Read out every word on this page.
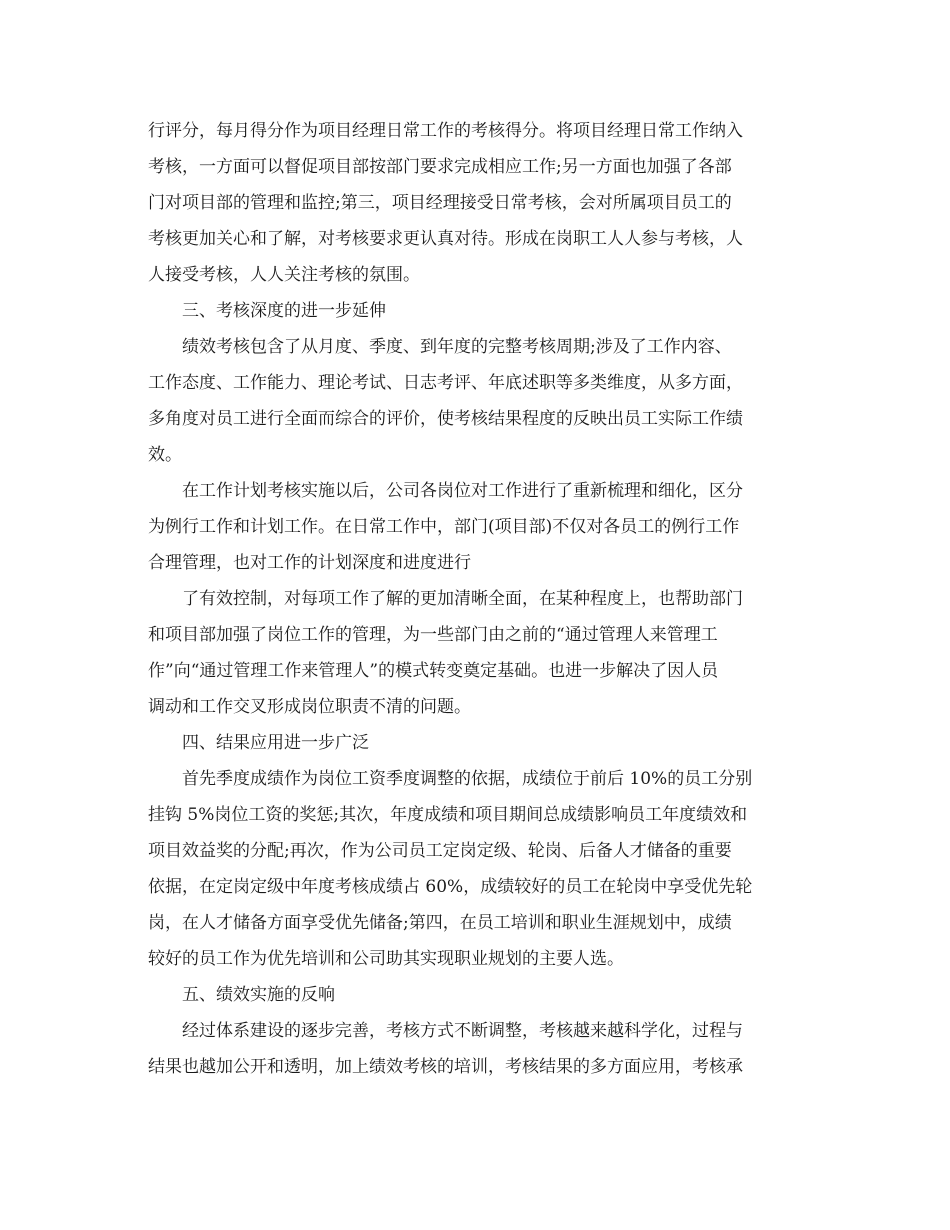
行评分，每月得分作为项目经理日常工作的考核得分。将项目经理日常工作纳入
考核，一方面可以督促项目部按部门要求完成相应工作;另一方面也加强了各部
门对项目部的管理和监控;第三，项目经理接受日常考核，会对所属项目员工的
考核更加关心和了解，对考核要求更认真对待。形成在岗职工人人参与考核，人
人接受考核，人人关注考核的氛围。
三、考核深度的进一步延伸
绩效考核包含了从月度、季度、到年度的完整考核周期;涉及了工作内容、
工作态度、工作能力、理论考试、日志考评、年底述职等多类维度，从多方面，
多角度对员工进行全面而综合的评价，使考核结果程度的反映出员工实际工作绩
效。
在工作计划考核实施以后，公司各岗位对工作进行了重新梳理和细化，区分
为例行工作和计划工作。在日常工作中，部门(项目部)不仅对各员工的例行工作
合理管理，也对工作的计划深度和进度进行
了有效控制，对每项工作了解的更加清晰全面，在某种程度上，也帮助部门
和项目部加强了岗位工作的管理，为一些部门由之前的“通过管理人来管理工
作”向“通过管理工作来管理人”的模式转变奠定基础。也进一步解决了因人员
调动和工作交叉形成岗位职责不清的问题。
四、结果应用进一步广泛
首先季度成绩作为岗位工资季度调整的依据，成绩位于前后 10%的员工分别
挂钩 5%岗位工资的奖惩;其次，年度成绩和项目期间总成绩影响员工年度绩效和
项目效益奖的分配;再次，作为公司员工定岗定级、轮岗、后备人才储备的重要
依据，在定岗定级中年度考核成绩占 60%，成绩较好的员工在轮岗中享受优先轮
岗，在人才储备方面享受优先储备;第四，在员工培训和职业生涯规划中，成绩
较好的员工作为优先培训和公司助其实现职业规划的主要人选。
五、绩效实施的反响
经过体系建设的逐步完善，考核方式不断调整，考核越来越科学化，过程与
结果也越加公开和透明，加上绩效考核的培训，考核结果的多方面应用，考核承
